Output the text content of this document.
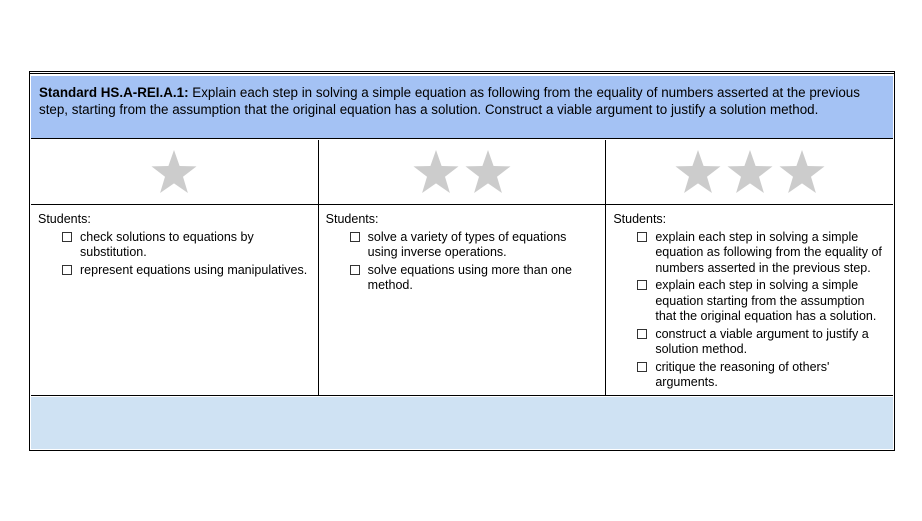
Standard HS.A-REI.A.1: Explain each step in solving a simple equation as following from the equality of numbers asserted at the previous step, starting from the assumption that the original equation has a solution. Construct a viable argument to justify a solution method.
Students:
check solutions to equations by substitution.
represent equations using manipulatives.
Students:
solve a variety of types of equations using inverse operations.
solve equations using more than one method.
Students:
explain each step in solving a simple equation as following from the equality of numbers asserted in the previous step.
explain each step in solving a simple equation starting from the assumption that the original equation has a solution.
construct a viable argument to justify a solution method.
critique the reasoning of others' arguments.
